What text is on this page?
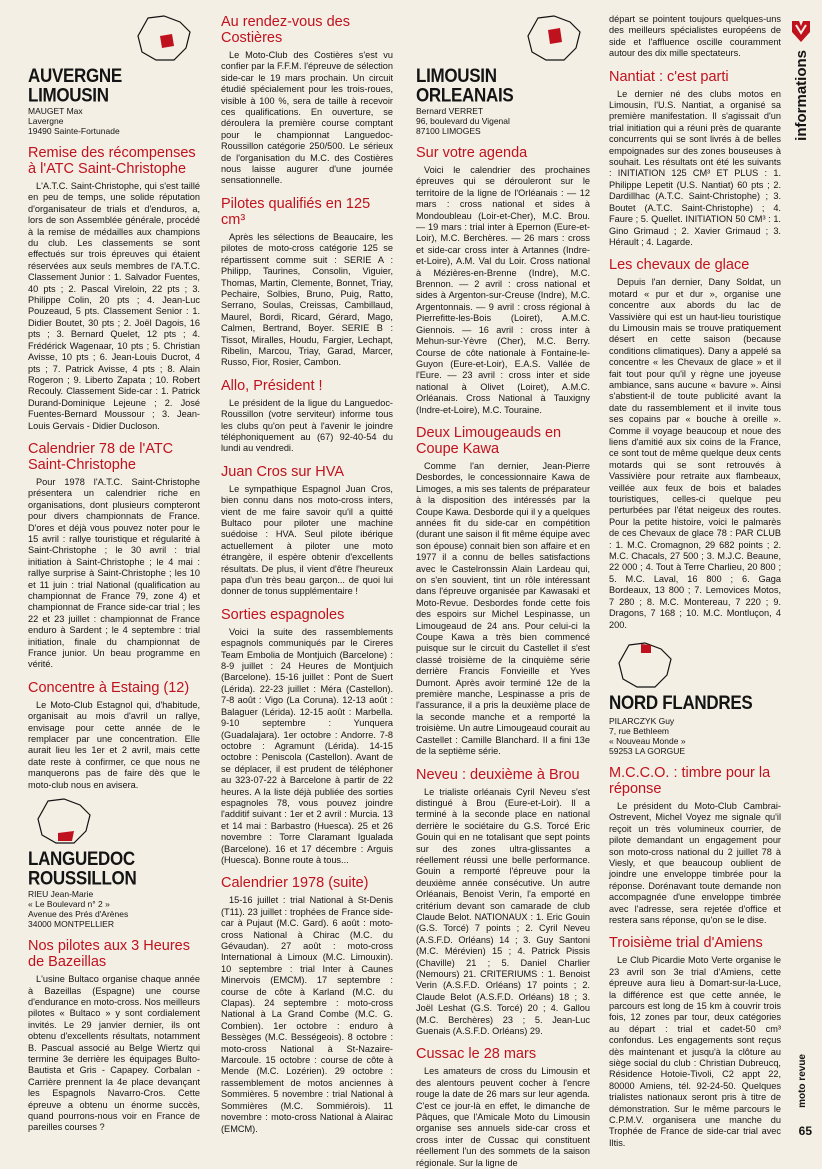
informations
moto revue
65
AUVERGNE LIMOUSIN
MAUGET Max
Lavergne
19490 Sainte-Fortunade
Remise des récompenses à l'ATC Saint-Christophe

L'A.T.C. Saint-Christophe, qui s'est taillé en peu de temps, une solide réputation d'organisateur de trials et d'enduros, a, lors de son Assemblée générale, procédé à la remise de médailles aux champions du club. Les classements se sont effectués sur trois épreuves qui étaient réservées aux seuls membres de l'A.T.C. Classement Junior : 1. Salvador Fuentes, 40 pts ; 2. Pascal Vireloin, 22 pts ; 3. Philippe Colin, 20 pts ; 4. Jean-Luc Pouzeaud, 5 pts. Classement Senior : 1. Didier Boutet, 30 pts ; 2. Joël Dagois, 16 pts ; 3. Bernard Quelet, 12 pts ; 4. Frédérick Wagenaar, 10 pts ; 5. Christian Avisse, 10 pts ; 6. Jean-Louis Ducrot, 4 pts ; 7. Patrick Avisse, 4 pts ; 8. Alain Rogeron ; 9. Liberto Zapata ; 10. Robert Recouly. Classement Side-car : 1. Patrick Durand-Dominique Lejeune ; 2. José Fuentes-Bernard Moussour ; 3. Jean-Louis Gervais - Didier Ducloson.

Calendrier 78 de l'ATC Saint-Christophe

Pour 1978 l'A.T.C. Saint-Christophe présentera un calendrier riche en organisations, dont plusieurs compteront pour divers championnats de France. D'ores et déjà vous pouvez noter pour le 15 avril : rallye touristique et régularité à Saint-Christophe ; le 30 avril : trial initiation à Saint-Christophe ; le 4 mai : rallye surprise à Saint-Christophe ; les 10 et 11 juin : trial National (qualification au championnat de France 79, zone 4) et championnat de France side-car trial ; les 22 et 23 juillet : championnat de France enduro à Sardent ; le 4 septembre : trial initiation, finale du championnat de France junior. Un beau programme en vérité.

Concentre à Estaing (12)

Le Moto-Club Estagnol qui, d'habitude, organisait au mois d'avril un rallye, envisage pour cette année de le remplacer par une concentration. Elle aurait lieu les 1er et 2 avril, mais cette date reste à confirmer, ce que nous ne manquerons pas de faire dès que le moto-club nous en avisera.

LANGUEDOC ROUSSILLON
RIEU Jean-Marie
« Le Boulevard n° 2 »
Avenue des Prés d'Arènes
34000 MONTPELLIER
Nos pilotes aux 3 Heures de Bazeillas

L'usine Bultaco organise chaque année à Bazeillas (Espagne) une course d'endurance en moto-cross. Nos meilleurs pilotes « Bultaco » y sont cordialement invités. Le 29 janvier dernier, ils ont obtenu d'excellents résultats, notamment B. Pascual associé au Belge Wiertz qui termine 3e derrière les équipages Bulto-Bautista et Gris - Capapey. Corbalan - Carrière prennent la 4e place devançant les Espagnols Navarro-Cros. Cette épreuve a obtenu un énorme succès, quand pourrons-nous voir en France de pareilles courses ?

Au rendez-vous des Costières

Le Moto-Club des Costières s'est vu confier par la F.F.M. l'épreuve de sélection side-car le 19 mars prochain. Un circuit étudié spécialement pour les trois-roues, visible à 100 %, sera de taille à recevoir ces qualifications. En ouverture, se déroulera la première course comptant pour le championnat Languedoc-Roussillon catégorie 250/500. Le sérieux de l'organisation du M.C. des Costières nous laisse augurer d'une journée sensationnelle.

Pilotes qualifiés en 125 cm³

Après les sélections de Beaucaire, les pilotes de moto-cross catégorie 125 se répartissent comme suit : SERIE A : Philipp, Taurines, Consolin, Viguier, Thomas, Martin, Clemente, Bonnet, Triay, Pechaire, Solbies, Bruno, Puig, Ratto, Serrano, Soulas, Creissas, Cambillaud, Maurel, Bordi, Ricard, Gérard, Mago, Calmen, Bertrand, Boyer. SERIE B : Tissot, Miralles, Houdu, Fargier, Lechapt, Ribelin, Marcou, Triay, Garad, Marcer, Russo, Fior, Rosier, Cambon.

Allo, Président !

Le président de la ligue du Languedoc-Roussillon (votre serviteur) informe tous les clubs qu'on peut à l'avenir le joindre téléphoniquement au (67) 92-40-54 du lundi au vendredi.

Juan Cros sur HVA

Le sympathique Espagnol Juan Cros, bien connu dans nos moto-cross inters, vient de me faire savoir qu'il a quitté Bultaco pour piloter une machine suédoise : HVA. Seul pilote ibérique actuellement à piloter une moto étrangère, il espère obtenir d'excellents résultats. De plus, il vient d'être l'heureux papa d'un très beau garçon... de quoi lui donner de tonus supplémentaire !

Sorties espagnoles

Voici la suite des rassemblements espagnols communiqués par le Cireres Team Embolia de Montjuich (Barcelone) : 8-9 juillet : 24 Heures de Montjuich (Barcelone). 15-16 juillet : Pont de Suert (Lérida). 22-23 juillet : Méra (Castellon). 7-8 août : Vigo (La Coruna). 12-13 août : Balaguer (Lérida). 12-15 août : Marbella. 9-10 septembre : Yunquera (Guadalajara). 1er octobre : Andorre. 7-8 octobre : Agramunt (Lérida). 14-15 octobre : Peniscola (Castellon). Avant de se déplacer, il est prudent de téléphoner au 323-07-22 à Barcelone à partir de 22 heures. A la liste déjà publiée des sorties espagnoles 78, vous pouvez joindre l'additif suivant : 1er et 2 avril : Murcia. 13 et 14 mai : Barbastro (Huesca). 25 et 26 novembre : Torre Claramant Igualada (Barcelone). 16 et 17 décembre : Arguis (Huesca). Bonne route à tous...

Calendrier 1978 (suite)

15-16 juillet : trial National à St-Denis (T11). 23 juillet : trophées de France side-car à Pujaut (M.C. Gard). 6 août : moto-cross National à Chirac (M.C. du Gévaudan). 27 août : moto-cross International à Limoux (M.C. Limouxin). 10 septembre : trial Inter à Caunes Minervois (EMCM). 17 septembre : course de côte à Karland (M.C. du Clapas). 24 septembre : moto-cross National à La Grand Combe (M.C. G. Combien). 1er octobre : enduro à Bessèges (M.C. Bességeois). 8 octobre : moto-cross National à St-Nazaire-Marcoule. 15 octobre : course de côte à Mende (M.C. Lozérien). 29 octobre : rassemblement de motos anciennes à Sommières. 5 novembre : trial National à Sommières (M.C. Sommiérois). 11 novembre : moto-cross National à Alairac (EMCM).

LIMOUSIN ORLEANAIS
Bernard VERRET
96, boulevard du Vigenal
87100 LIMOGES
Sur votre agenda

Voici le calendrier des prochaines épreuves qui se dérouleront sur le territoire de la ligne de l'Orléanais : — 12 mars : cross national et sides à Mondoubleau (Loir-et-Cher), M.C. Brou. — 19 mars : trial inter à Epernon (Eure-et-Loir), M.C. Berchères. — 26 mars : cross et side-car cross inter à Artannes (Indre-et-Loire), A.M. Val du Loir. Cross national à Mézières-en-Brenne (Indre), M.C. Brennon. — 2 avril : cross national et sides à Argenton-sur-Creuse (Indre), M.C. Argentonnais. — 9 avril : cross régional à Pierrefitte-les-Bois (Loiret), A.M.C. Giennois. — 16 avril : cross inter à Mehun-sur-Yèvre (Cher), M.C. Berry. Course de côte nationale à Fontaine-le-Guyon (Eure-et-Loir), E.A.S. Vallée de l'Eure. — 23 avril : cross inter et side national à Olivet (Loiret), A.M.C. Orléanais. Cross National à Tauxigny (Indre-et-Loire), M.C. Touraine.

Deux Limougeauds en Coupe Kawa

Comme l'an dernier, Jean-Pierre Desbordes, le concessionnaire Kawa de Limoges, a mis ses talents de préparateur à la disposition des intéressés par la Coupe Kawa. Desborde qui il y a quelques années fit du side-car en compétition (durant une saison il fit même équipe avec son épouse) connait bien son affaire et en 1977 il a connu de belles satisfactions avec le Castelronssin Alain Lardeau qui, on s'en souvient, tint un rôle intéressant dans l'épreuve organisée par Kawasaki et Moto-Revue. Desbordes fonde cette fois des espoirs sur Michel Lespinasse, un Limougeaud de 24 ans. Pour celui-ci la Coupe Kawa a très bien commencé puisque sur le circuit du Castellet il s'est classé troisième de la cinquième série derrière Francis Fonvieille et Yves Dumont. Après avoir terminé 12e de la première manche, Lespinasse a pris de l'assurance, il a pris la deuxième place de la seconde manche et a remporté la troisième. Un autre Limougeaud courait au Castellet : Camille Blanchard. Il a fini 13e de la septième série.

Neveu : deuxième à Brou

Le trialiste orléanais Cyril Neveu s'est distingué à Brou (Eure-et-Loir). Il a terminé à la seconde place en national derrière le sociétaire du G.S. Torcé Eric Gouin qui en ne totalisant que sept points sur des zones ultra-glissantes a réellement réussi une belle performance. Gouin a remporté l'épreuve pour la deuxième année consécutive. Un autre Orléanais, Benoist Verin, l'a emporté en critérium devant son camarade de club Claude Belot. NATIONAUX : 1. Eric Gouin (G.S. Torcé) 7 points ; 2. Cyril Neveu (A.S.F.D. Orléans) 14 ; 3. Guy Santoni (M.C. Mérévien) 15 ; 4. Patrick Pissis (Chaville) 21 ; 5. Daniel Charlier (Nemours) 21. CRITERIUMS : 1. Benoist Verin (A.S.F.D. Orléans) 17 points ; 2. Claude Belot (A.S.F.D. Orléans) 18 ; 3. Joël Leshat (G.S. Torcé) 20 ; 4. Gallou (M.C. Berchères) 23 ; 5. Jean-Luc Guenais (A.S.F.D. Orléans) 29.

Cussac le 28 mars

Les amateurs de cross du Limousin et des alentours peuvent cocher à l'encre rouge la date de 26 mars sur leur agenda. C'est ce jour-là en effet, le dimanche de Pâques, que l'Amicale Moto du Limousin organise ses annuels side-car cross et cross inter de Cussac qui constituent réellement l'un des sommets de la saison régionale. Sur la ligne de

départ se pointent toujours quelques-uns des meilleurs spécialistes européens de side et l'affluence oscille couramment autour des dix mille spectateurs.

Nantiat : c'est parti

Le dernier né des clubs motos en Limousin, l'U.S. Nantiat, a organisé sa première manifestation. Il s'agissait d'un trial initiation qui a réuni près de quarante concurrents qui se sont livrés à de belles empoignades sur des zones bouseuses à souhait. Les résultats ont été les suivants : INITIATION 125 CM³ ET PLUS : 1. Philippe Lepetit (U.S. Nantiat) 60 pts ; 2. Dardillhac (A.T.C. Saint-Christophe) ; 3. Boutet (A.T.C. Saint-Christophe) ; 4. Faure ; 5. Quellet. INITIATION 50 CM³ : 1. Gino Grimaud ; 2. Xavier Grimaud ; 3. Hérault ; 4. Lagarde.

Les chevaux de glace

Depuis l'an dernier, Dany Soldat, un motard « pur et dur », organise une concentre aux abords du lac de Vassivière qui est un haut-lieu touristique du Limousin mais se trouve pratiquement désert en cette saison (because conditions climatiques). Dany a appelé sa concentre « les Chevaux de glace » et il fait tout pour qu'il y règne une joyeuse ambiance, sans aucune « bavure ». Ainsi s'abstient-il de toute publicité avant la date du rassemblement et il invite tous ses copains par « bouche à oreille ». Comme il voyage beaucoup et noue des liens d'amitié aux six coins de la France, ce sont tout de même quelque deux cents motards qui se sont retrouvés à Vassivière pour retraite aux flambeaux, veillée aux feux de bois et balades touristiques, celles-ci quelque peu perturbées par l'état neigeux des routes. Pour la petite histoire, voici le palmarès de ces Chevaux de glace 78 : PAR CLUB : 1. M.C. Cromagnon, 29 682 points ; 2. M.C. Chacals, 27 500 ; 3. M.J.C. Beaune, 22 000 ; 4. Tout à Terre Charlieu, 20 800 ; 5. M.C. Laval, 16 800 ; 6. Gaga Bordeaux, 13 800 ; 7. Lemovices Motos, 7 280 ; 8. M.C. Montereau, 7 220 ; 9. Dragons, 7 168 ; 10. M.C. Montluçon, 4 200.

NORD FLANDRES
PILARCZYK Guy
7, rue Bethleem
« Nouveau Monde »
59253 LA GORGUE
M.C.C.O. : timbre pour la réponse

Le président du Moto-Club Cambrai-Ostrevent, Michel Voyez me signale qu'il reçoit un très volumineux courrier, de pilote demandant un engagement pour son moto-cross national du 2 juillet 78 à Viesly, et que beaucoup oublient de joindre une enveloppe timbrée pour la réponse. Dorénavant toute demande non accompagnée d'une enveloppe timbrée avec l'adresse, sera rejetée d'office et restera sans réponse, qu'on se le dise.

Troisième trial d'Amiens

Le Club Picardie Moto Verte organise le 23 avril son 3e trial d'Amiens, cette épreuve aura lieu à Domart-sur-la-Luce, la différence est que cette année, le parcours est long de 15 km à couvrir trois fois, 12 zones par tour, deux catégories au départ : trial et cadet-50 cm³ confondus. Les engagements sont reçus dès maintenant et jusqu'à la clôture au siège social du club : Christian Dubreucq, Résidence Hotoie-Tivoli, C2 appt 22, 80000 Amiens, tél. 92-24-50. Quelques trialistes nationaux seront pris à titre de démonstration. Sur le même parcours le C.P.M.V. organisera une manche du Trophée de France de side-car trial avec Iltis.
